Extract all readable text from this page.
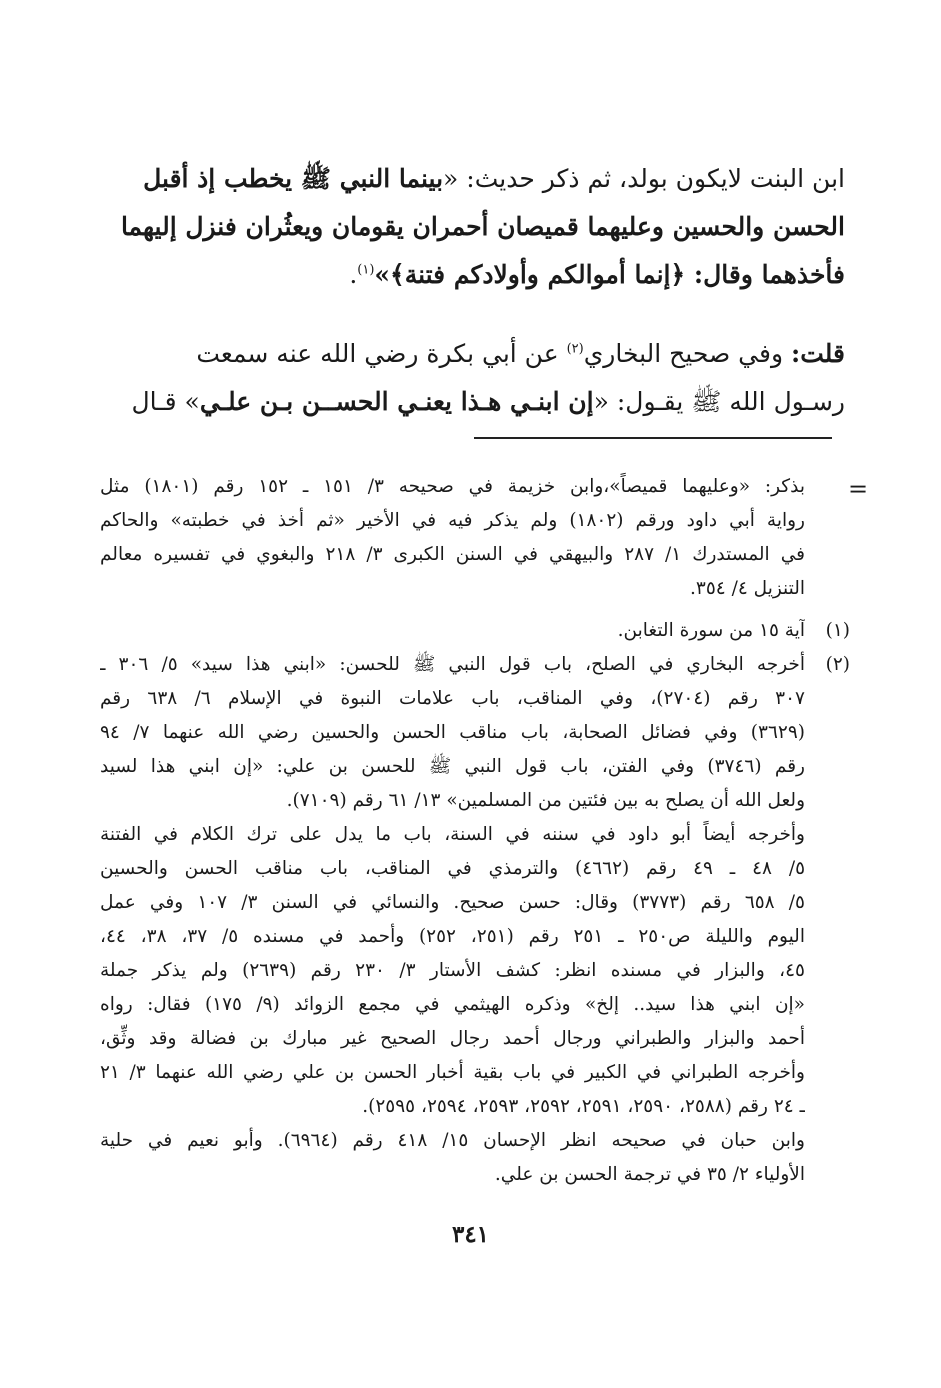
ابن البنت لايكون بولد، ثم ذكر حديث: «بينما النبي ﷺ يخطب إذ أقبل
الحسن والحسين وعليهما قميصان أحمران يقومان ويعثُران فنزل إليهما
فأخذهما وقال: ﴿إنما أموالكم وأولادكم فتنة﴾»$^{(١)}$.
قلت: وفي صحيح البخاري$^{(٢)}$ عن أبي بكرة رضي الله عنه سمعت
رسـول الله ﷺ يقـول: «إن ابنـي هـذا يعنـي الحســن بـن علـي» قـال
=
بذكر: «وعليهما قميصاً»،وابن خزيمة في صحيحه ٣/ ١٥١ ـ ١٥٢ رقم (١٨٠١) مثل
رواية أبي داود ورقم (١٨٠٢) ولم يذكر فيه في الأخير «ثم أخذ في خطبته» والحاكم
في المستدرك ١/ ٢٨٧ والبيهقي في السنن الكبرى ٣/ ٢١٨ والبغوي في تفسيره معالم
التنزيل ٤/ ٣٥٤.
(١)
آية ١٥ من سورة التغابن.
(٢)
أخرجه البخاري في الصلح، باب قول النبي ﷺ للحسن: «ابني هذا سيد» ٥/ ٣٠٦ ـ
٣٠٧ رقم (٢٧٠٤)، وفي المناقب، باب علامات النبوة في الإسلام ٦/ ٦٣٨ رقم
(٣٦٢٩) وفي فضائل الصحابة، باب مناقب الحسن والحسين رضي الله عنهما ٧/ ٩٤
رقم (٣٧٤٦) وفي الفتن، باب قول النبي ﷺ للحسن بن علي: «إن ابني هذا لسيد
ولعل الله أن يصلح به بين فئتين من المسلمين» ١٣/ ٦١ رقم (٧١٠٩).
وأخرجه أيضاً أبو داود في سننه في السنة، باب ما يدل على ترك الكلام في الفتنة
٥/ ٤٨ ـ ٤٩ رقم (٤٦٦٢) والترمذي في المناقب، باب مناقب الحسن والحسين
٥/ ٦٥٨ رقم (٣٧٧٣) وقال: حسن صحيح. والنسائي في السنن ٣/ ١٠٧ وفي عمل
اليوم والليلة ص٢٥٠ ـ ٢٥١ رقم (٢٥١، ٢٥٢) وأحمد في مسنده ٥/ ٣٧، ٣٨، ٤٤،
٤٥، والبزار في مسنده انظر: كشف الأستار ٣/ ٢٣٠ رقم (٢٦٣٩) ولم يذكر جملة
«إن ابني هذا سيد.. إلخ» وذكره الهيثمي في مجمع الزوائد (٩/ ١٧٥) فقال: رواه
أحمد والبزار والطبراني ورجال أحمد رجال الصحيح غير مبارك بن فضالة وقد وثِّق،
وأخرجه الطبراني في الكبير في باب بقية أخبار الحسن بن علي رضي الله عنهما ٣/ ٢١
ـ ٢٤ رقم (٢٥٨٨، ٢٥٩٠، ٢٥٩١، ٢٥٩٢، ٢٥٩٣، ٢٥٩٤، ٢٥٩٥).
وابن حبان في صحيحه انظر الإحسان ١٥/ ٤١٨ رقم (٦٩٦٤). وأبو نعيم في حلية
الأولياء ٢/ ٣٥ في ترجمة الحسن بن علي.
٣٤١
